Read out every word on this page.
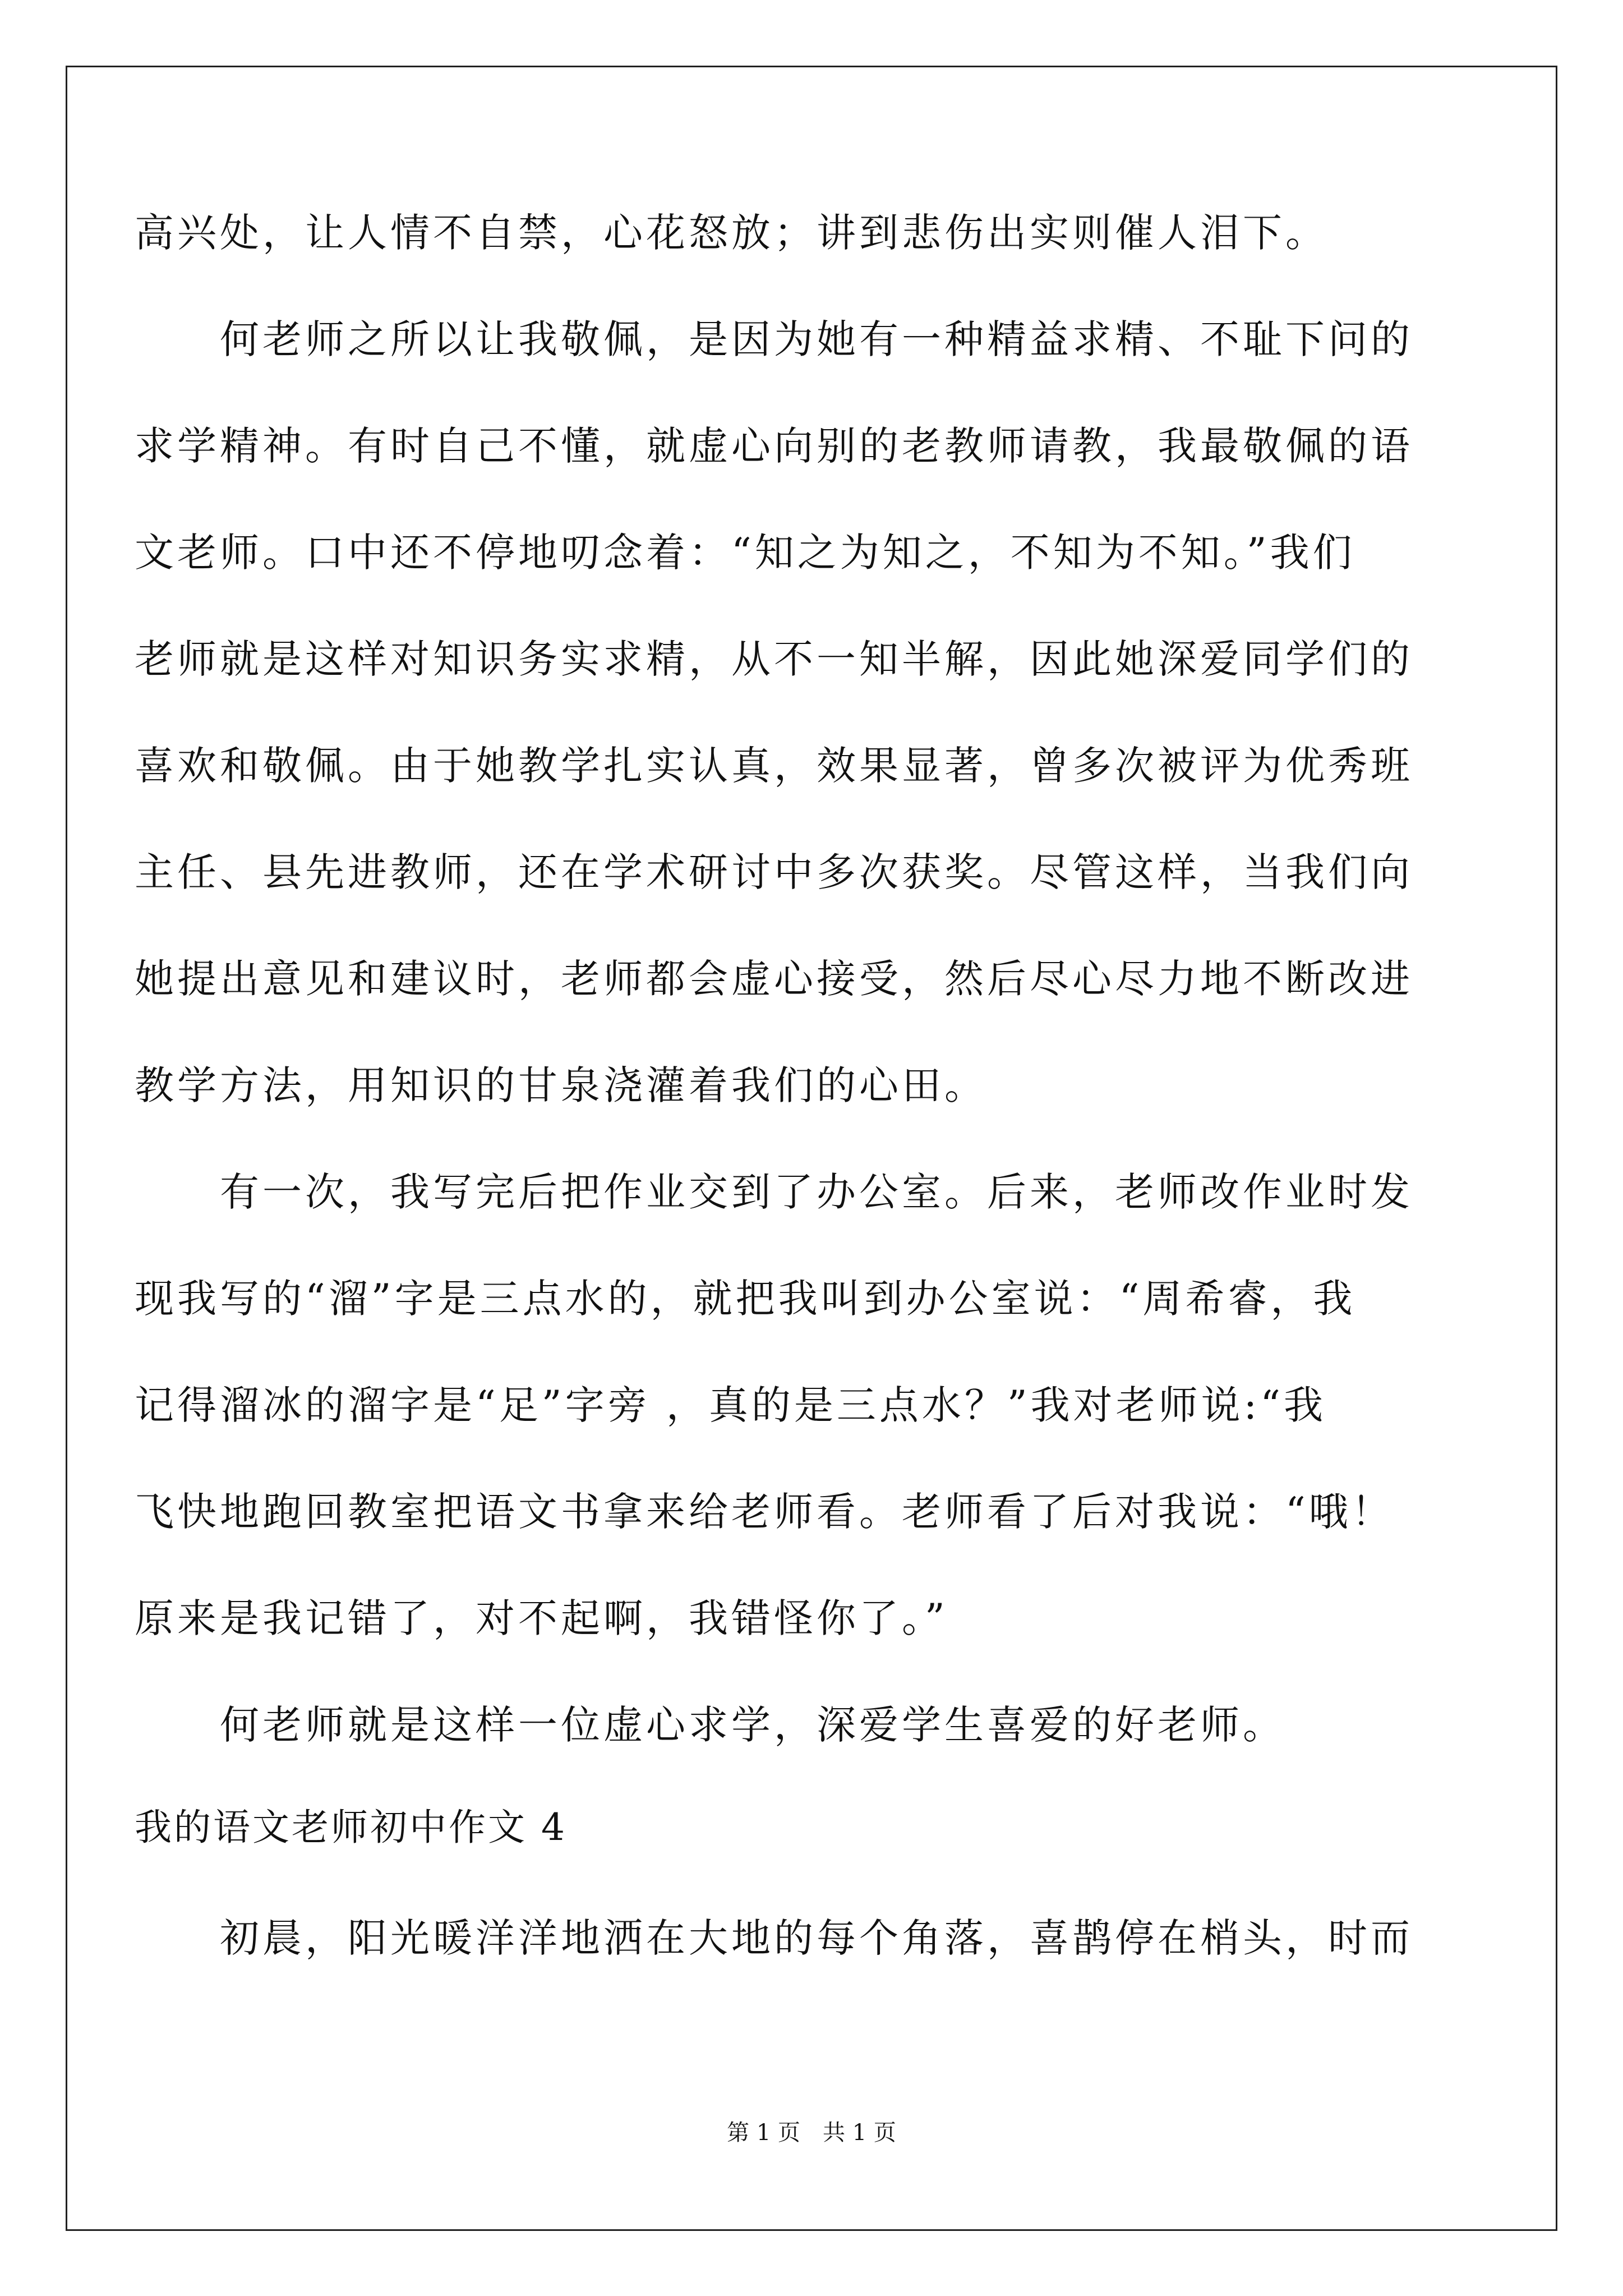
高兴处，让人情不自禁，心花怒放；讲到悲伤出实则催人泪下。
　　何老师之所以让我敬佩，是因为她有一种精益求精、不耻下问的
求学精神。有时自己不懂，就虚心向别的老教师请教，我最敬佩的语
文老师。口中还不停地叨念着：“知之为知之，不知为不知。”我们
老师就是这样对知识务实求精，从不一知半解，因此她深爱同学们的
喜欢和敬佩。由于她教学扎实认真，效果显著，曾多次被评为优秀班
主任、县先进教师，还在学术研讨中多次获奖。尽管这样，当我们向
她提出意见和建议时，老师都会虚心接受，然后尽心尽力地不断改进
教学方法，用知识的甘泉浇灌着我们的心田。
　　有一次，我写完后把作业交到了办公室。后来，老师改作业时发
现我写的“溜”字是三点水的，就把我叫到办公室说：“周希睿，我
记得溜冰的溜字是“足”字旁 ，真的是三点水？”我对老师说:“我
飞快地跑回教室把语文书拿来给老师看。老师看了后对我说：“哦！
原来是我记错了，对不起啊，我错怪你了。”
　　何老师就是这样一位虚心求学，深爱学生喜爱的好老师。
我的语文老师初中作文 4
　　初晨，阳光暖洋洋地洒在大地的每个角落，喜鹊停在梢头，时而
第 1 页　共 1 页
